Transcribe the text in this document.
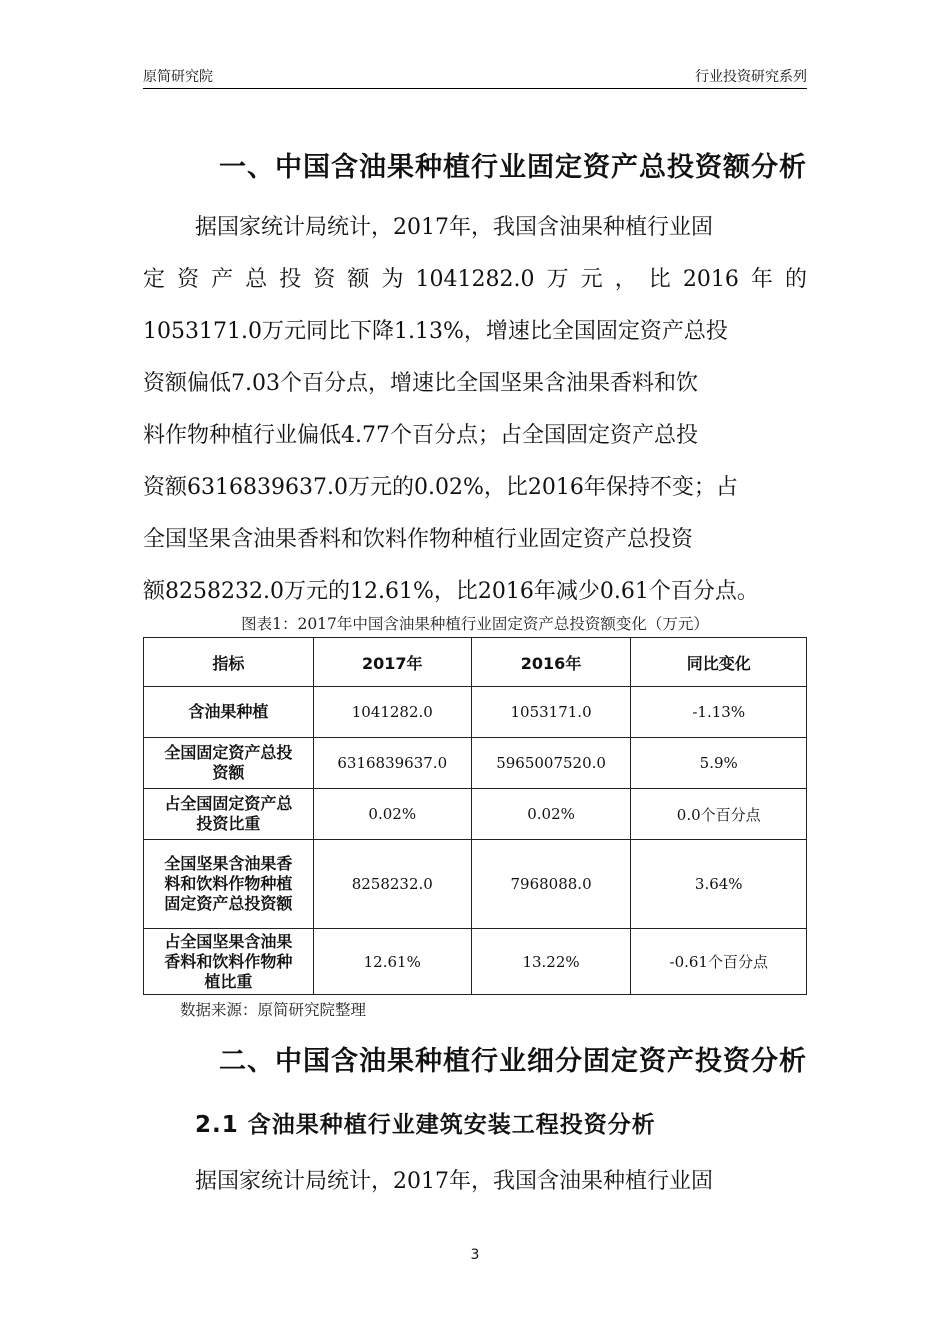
原简研究院	行业投资研究系列
一、中国含油果种植行业固定资产总投资额分析
据国家统计局统计，2017年，我国含油果种植行业固
定资产总投资额为1041282.0万元，比2016年的
1053171.0万元同比下降1.13%，增速比全国固定资产总投
资额偏低7.03个百分点，增速比全国坚果含油果香料和饮
料作物种植行业偏低4.77个百分点；占全国固定资产总投
资额6316839637.0万元的0.02%，比2016年保持不变；占
全国坚果含油果香料和饮料作物种植行业固定资产总投资
额8258232.0万元的12.61%，比2016年减少0.61个百分点。
图表1：2017年中国含油果种植行业固定资产总投资额变化（万元）
指标	2017年	2016年	同比变化
含油果种植	1041282.0	1053171.0	-1.13%

全国固定资产总投资额	6316839637.0	5965007520.0	5.9%

占全国固定资产总投资比重	0.02%	0.02%	0.0个百分点

全国坚果含油果香料和饮料作物种植固定资产总投资额	8258232.0	7968088.0	3.64%

占全国坚果含油果香料和饮料作物种植比重	12.61%	13.22%	-0.61个百分点
数据来源：原简研究院整理
二、中国含油果种植行业细分固定资产投资分析
2.1 含油果种植行业建筑安装工程投资分析
据国家统计局统计，2017年，我国含油果种植行业固
3
